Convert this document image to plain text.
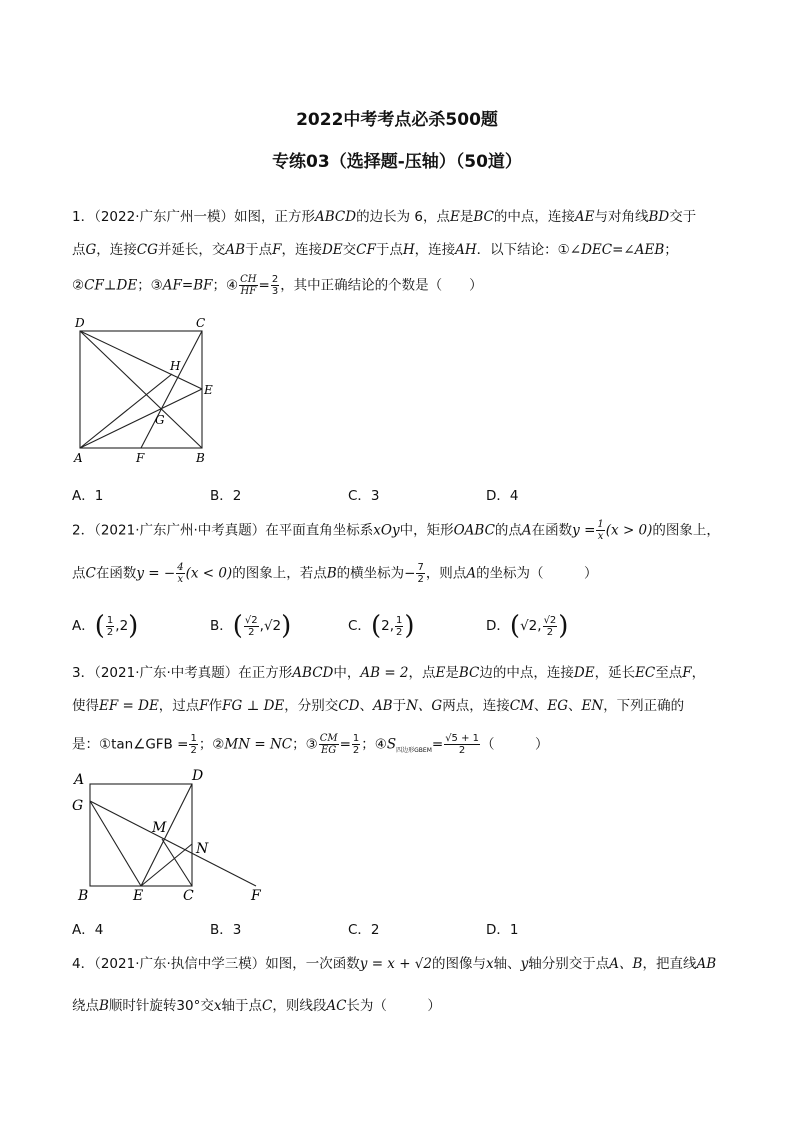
2022中考考点必杀500题
专练03（选择题-压轴）（50道）
1．（2022·广东广州一模）如图，正方形ABCD的边长为 6，点E是BC的中点，连接AE与对角线BD交于
点G，连接CG并延长，交AB于点F，连接DE交CF于点H，连接AH．以下结论：①∠DEC=∠AEB；
②CF⊥DE；③AF=BF；④ $\frac{CH}{HF} = \frac{2}{3}$ ，其中正确结论的个数是（　　）
D	C
H
E
G
A	F	B
A．1	B．2	C．3	D．4
2．（2021·广东广州·中考真题）在平面直角坐标系xOy中，矩形OABC的点A在函数$y = \frac{1}{x} (x > 0)$的图象上，
点C在函数y = − $\frac{4}{x} (x < 0)$的图象上，若点B的横坐标为− $\frac{7}{2}$ ，则点A的坐标为（　　　）
A．( $\frac{1}{2} ,2$)	B．( $\frac{√2}{2} ,√2$)	C．(2, $\frac{1}{2}$ )	D．(√2, $\frac{√2}{2}$ )
3．（2021·广东·中考真题）在正方形ABCD中，AB = 2，点E是BC边的中点，连接DE，延长EC至点F，
使得EF = DE，过点F作FG ⊥ DE，分别交CD、AB于N、G两点，连接CM、EG、EN，下列正确的
是：①tan∠GFB = $\frac{1}{2}$ ；②MN = NC；③ $\frac{CM}{EG} = \frac{1}{2}$ ；$④S_{四边形GBEM}= \frac{√5 + 1}{2}$ （　　　）
A	D
G
M
N
B	E	C	F
A．4	B．3	C．2	D．1
4．（2021·广东·执信中学三模）如图，一次函数y = x + √2的图像与x轴、y轴分别交于点A、B，把直线AB
绕点B顺时针旋转30°交x轴于点C，则线段AC长为（　　　）
